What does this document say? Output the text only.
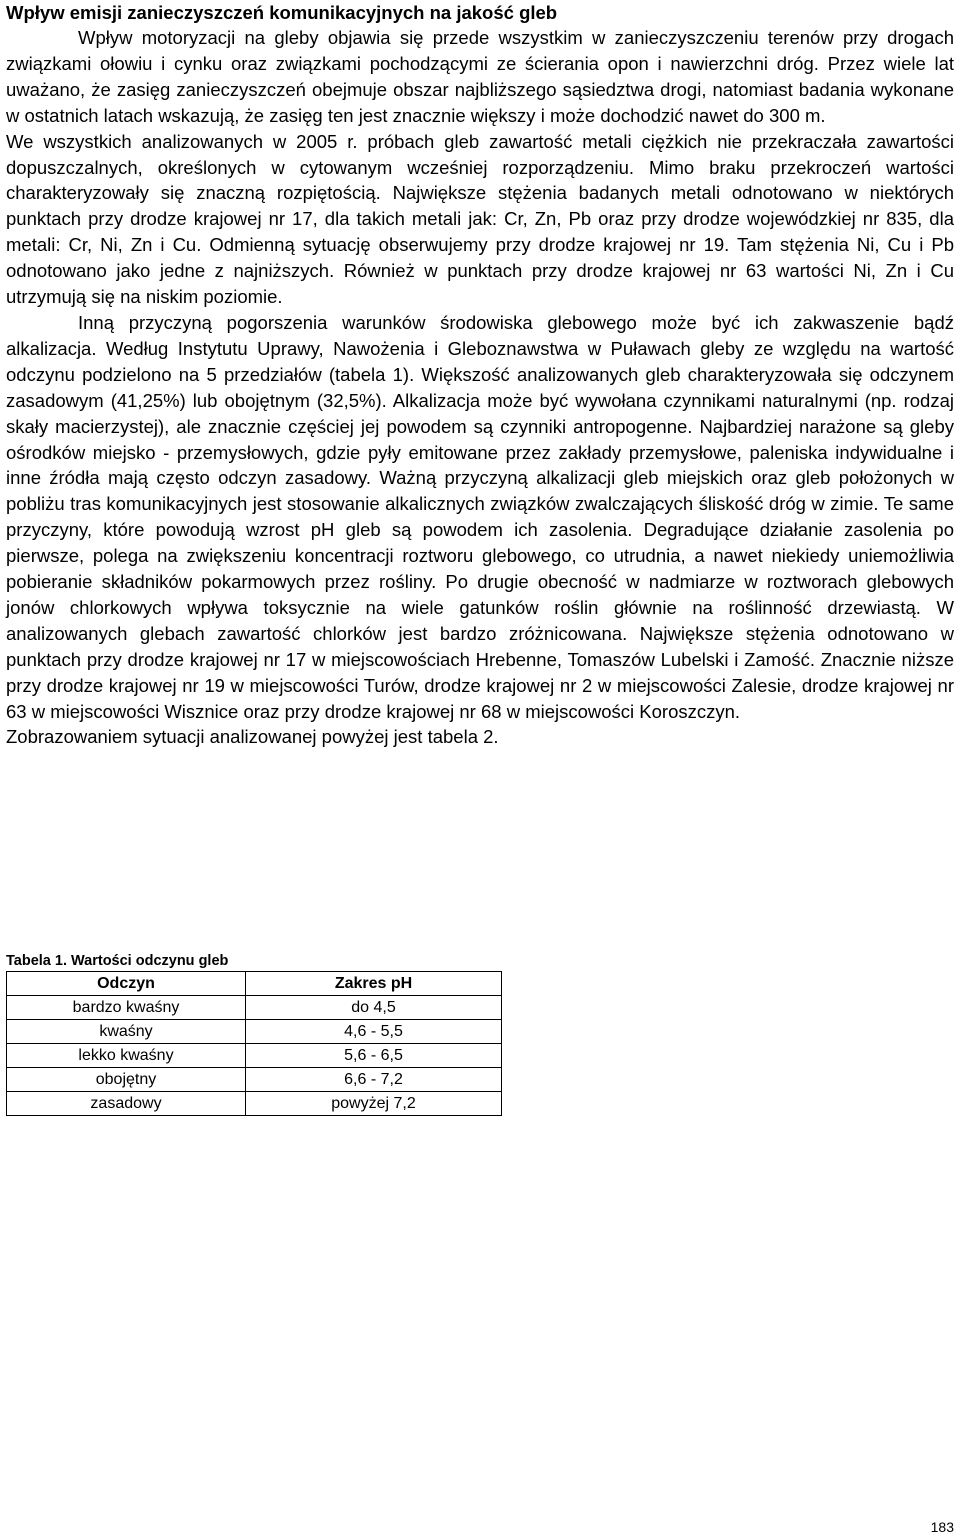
Wpływ emisji zanieczyszczeń komunikacyjnych na jakość gleb

Wpływ motoryzacji na gleby objawia się przede wszystkim w zanieczyszczeniu terenów przy drogach związkami ołowiu i cynku oraz związkami pochodzącymi ze ścierania opon i nawierzchni dróg. Przez wiele lat uważano, że zasięg zanieczyszczeń obejmuje obszar najbliższego sąsiedztwa drogi, natomiast badania wykonane w ostatnich latach wskazują, że zasięg ten jest znacznie większy i może dochodzić nawet do 300 m.

We wszystkich analizowanych w 2005 r. próbach gleb zawartość metali ciężkich nie przekraczała zawartości dopuszczalnych, określonych w cytowanym wcześniej rozporządzeniu. Mimo braku przekroczeń wartości charakteryzowały się znaczną rozpiętością. Największe stężenia badanych metali odnotowano w niektórych punktach przy drodze krajowej nr 17, dla takich metali jak: Cr, Zn, Pb oraz przy drodze wojewódzkiej nr 835, dla metali: Cr, Ni, Zn i Cu. Odmienną sytuację obserwujemy przy drodze krajowej nr 19. Tam stężenia Ni, Cu i Pb odnotowano jako jedne z najniższych. Również w punktach przy drodze krajowej nr 63 wartości Ni, Zn i Cu utrzymują się na niskim poziomie.

Inną przyczyną pogorszenia warunków środowiska glebowego może być ich zakwaszenie bądź alkalizacja. Według Instytutu Uprawy, Nawożenia i Gleboznawstwa w Puławach gleby ze względu na wartość odczynu podzielono na 5 przedziałów (tabela 1). Większość analizowanych gleb charakteryzowała się odczynem zasadowym (41,25%) lub obojętnym (32,5%). Alkalizacja może być wywołana czynnikami naturalnymi (np. rodzaj skały macierzystej), ale znacznie częściej jej powodem są czynniki antropogenne. Najbardziej narażone są gleby ośrodków miejsko - przemysłowych, gdzie pyły emitowane przez zakłady przemysłowe, paleniska indywidualne i inne źródła mają często odczyn zasadowy. Ważną przyczyną alkalizacji gleb miejskich oraz gleb położonych w pobliżu tras komunikacyjnych jest stosowanie alkalicznych związków zwalczających śliskość dróg w zimie. Te same przyczyny, które powodują wzrost pH gleb są powodem ich zasolenia. Degradujące działanie zasolenia po pierwsze, polega na zwiększeniu koncentracji roztworu glebowego, co utrudnia, a nawet niekiedy uniemożliwia pobieranie składników pokarmowych przez rośliny. Po drugie obecność w nadmiarze w roztworach glebowych jonów chlorkowych wpływa toksycznie na wiele gatunków roślin głównie na roślinność drzewiastą. W analizowanych glebach zawartość chlorków jest bardzo zróżnicowana. Największe stężenia odnotowano w punktach przy drodze krajowej nr 17 w miejscowościach Hrebenne, Tomaszów Lubelski i Zamość. Znacznie niższe przy drodze krajowej nr 19 w miejscowości Turów, drodze krajowej nr 2 w miejscowości Zalesie, drodze krajowej nr 63 w miejscowości Wisznice oraz przy drodze krajowej nr 68 w miejscowości Koroszczyn.

Zobrazowaniem sytuacji analizowanej powyżej jest tabela 2.

Tabela 1. Wartości odczynu gleb

Odczyn	Zakres pH
bardzo kwaśny	do 4,5
kwaśny	4,6 - 5,5
lekko kwaśny	5,6 - 6,5
obojętny	6,6 - 7,2
zasadowy	powyżej 7,2
183
